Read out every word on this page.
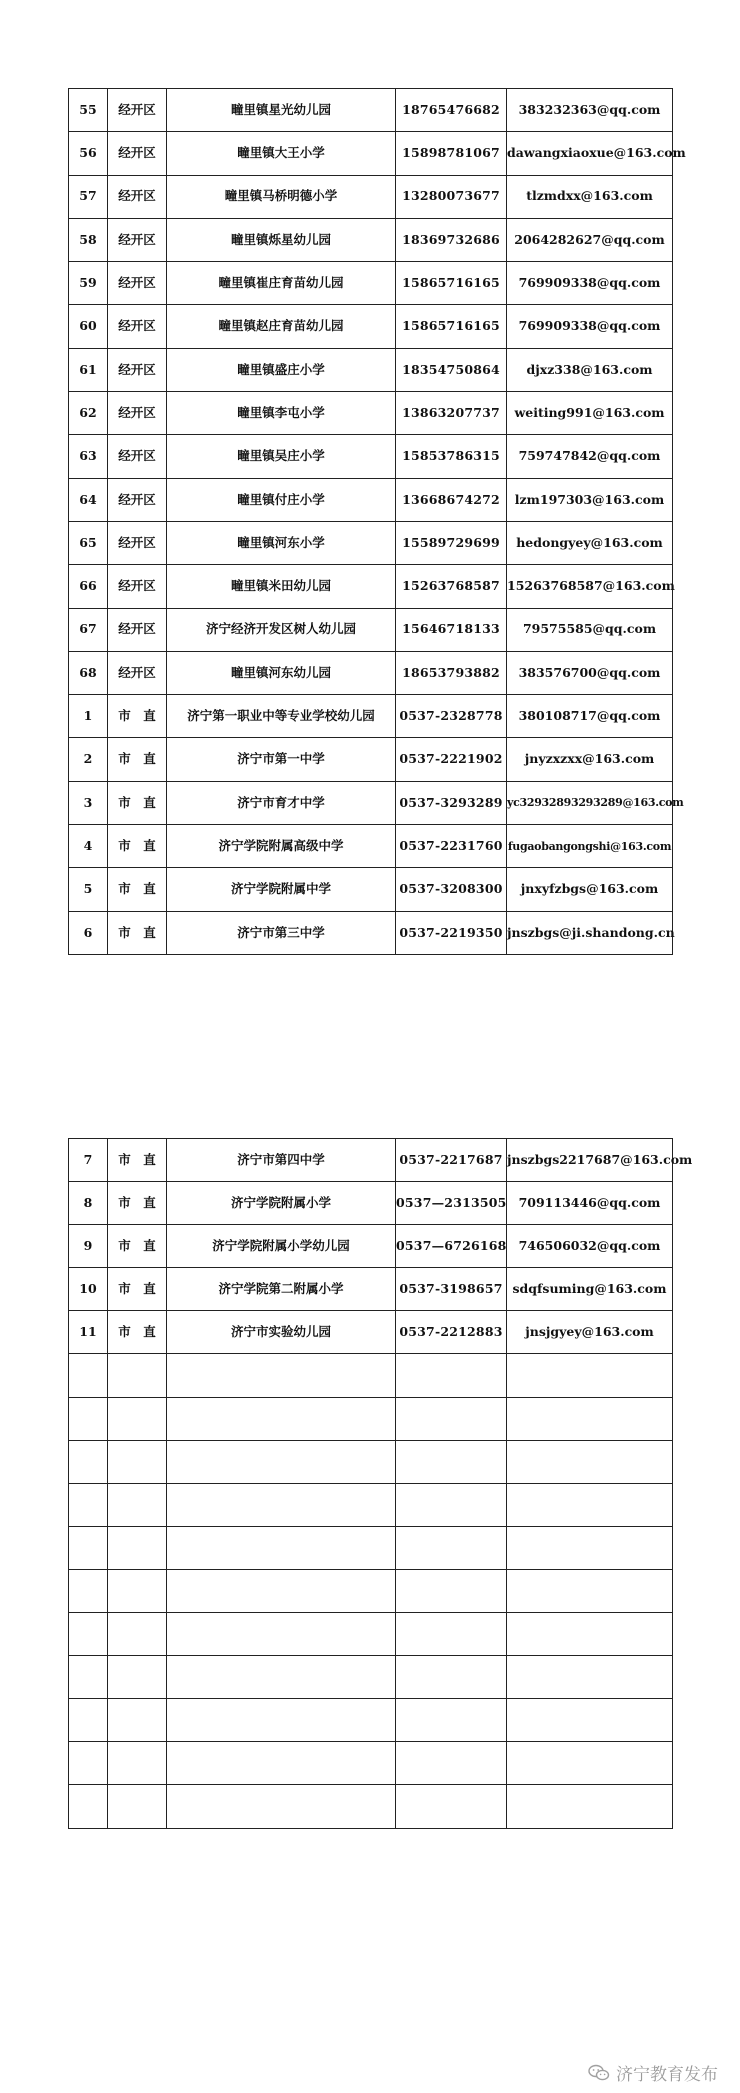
55	经开区	疃里镇星光幼儿园	18765476682	383232363@qq.com
56	经开区	疃里镇大王小学	15898781067	dawangxiaoxue@163.com
57	经开区	疃里镇马桥明德小学	13280073677	tlzmdxx@163.com
58	经开区	疃里镇烁星幼儿园	18369732686	2064282627@qq.com
59	经开区	疃里镇崔庄育苗幼儿园	15865716165	769909338@qq.com
60	经开区	疃里镇赵庄育苗幼儿园	15865716165	769909338@qq.com
61	经开区	疃里镇盛庄小学	18354750864	djxz338@163.com
62	经开区	疃里镇李屯小学	13863207737	weiting991@163.com
63	经开区	疃里镇吴庄小学	15853786315	759747842@qq.com
64	经开区	疃里镇付庄小学	13668674272	lzm197303@163.com
65	经开区	疃里镇河东小学	15589729699	hedongyey@163.com
66	经开区	疃里镇米田幼儿园	15263768587	15263768587@163.com
67	经开区	济宁经济开发区树人幼儿园	15646718133	79575585@qq.com
68	经开区	疃里镇河东幼儿园	18653793882	383576700@qq.com
1	市　直	济宁第一职业中等专业学校幼儿园	0537-2328778	380108717@qq.com
2	市　直	济宁市第一中学	0537-2221902	jnyzxzxx@163.com
3	市　直	济宁市育才中学	0537-3293289	yc32932893293289@163.com
4	市　直	济宁学院附属高级中学	0537-2231760	fugaobangongshi@163.com
5	市　直	济宁学院附属中学	0537-3208300	jnxyfzbgs@163.com
6	市　直	济宁市第三中学	0537-2219350	jnszbgs@ji.shandong.cn
7	市　直	济宁市第四中学	0537-2217687	jnszbgs2217687@163.com
8	市　直	济宁学院附属小学	0537—2313505	709113446@qq.com
9	市　直	济宁学院附属小学幼儿园	0537—6726168	746506032@qq.com
10	市　直	济宁学院第二附属小学	0537-3198657	sdqfsuming@163.com
11	市　直	济宁市实验幼儿园	0537-2212883	jnsjgyey@163.com

济宁教育发布
